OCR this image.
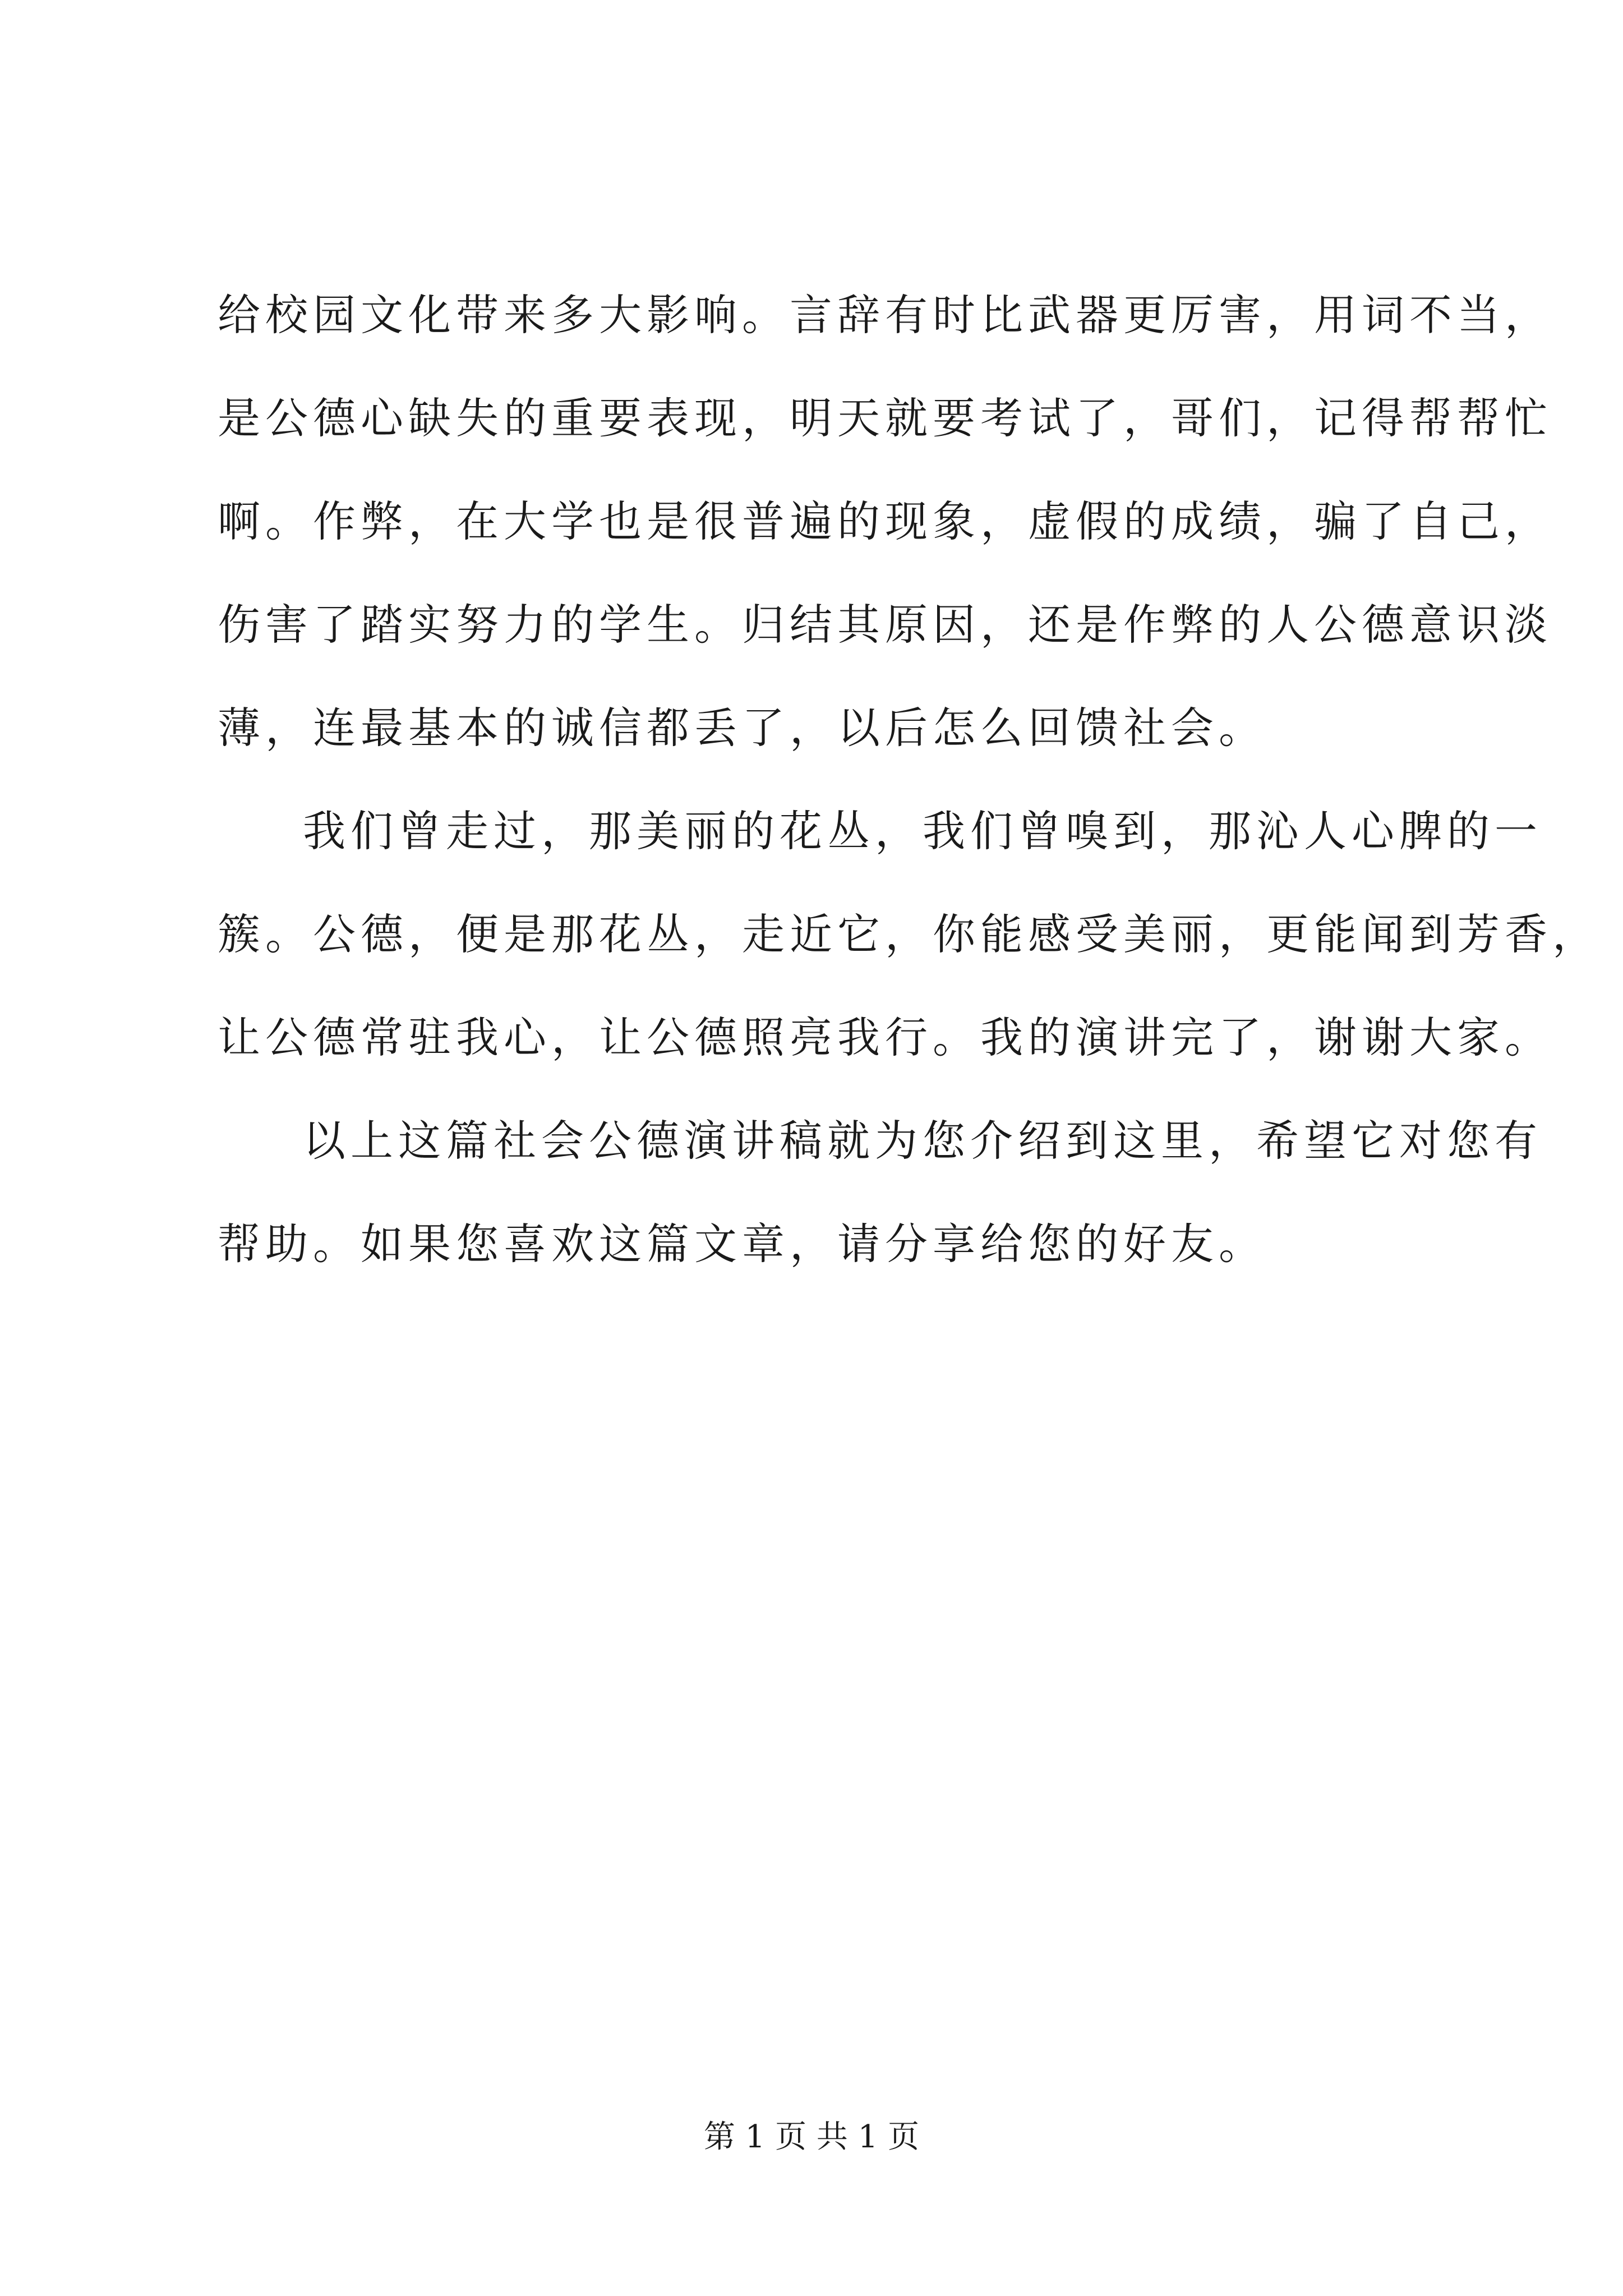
给校园文化带来多大影响。言辞有时比武器更厉害，用词不当，
是公德心缺失的重要表现，明天就要考试了，哥们，记得帮帮忙
啊。作弊，在大学也是很普遍的现象，虚假的成绩，骗了自己，
伤害了踏实努力的学生。归结其原因，还是作弊的人公德意识淡
薄，连最基本的诚信都丢了，以后怎么回馈社会。
我们曾走过，那美丽的花丛，我们曾嗅到，那沁人心脾的一
簇。公德，便是那花丛，走近它，你能感受美丽，更能闻到芳香，
让公德常驻我心，让公德照亮我行。我的演讲完了，谢谢大家。
以上这篇社会公德演讲稿就为您介绍到这里，希望它对您有
帮助。如果您喜欢这篇文章，请分享给您的好友。
第 1 页 共 1 页
